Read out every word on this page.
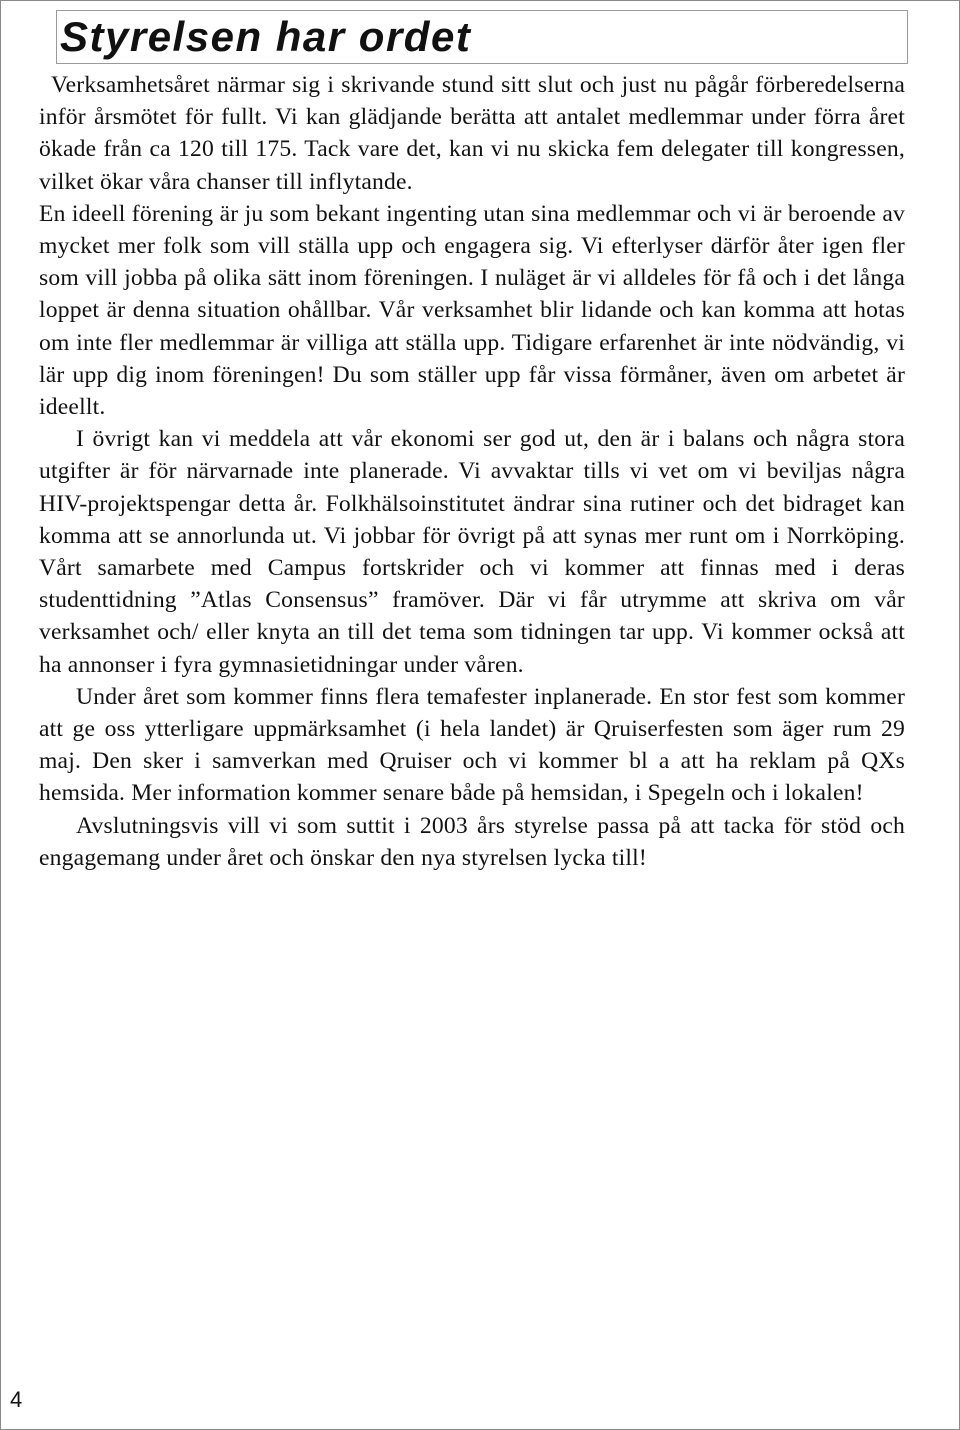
Styrelsen har ordet

Verksamhetsåret närmar sig i skrivande stund sitt slut och just nu pågår förberedelserna inför årsmötet för fullt. Vi kan glädjande berätta att antalet medlemmar under förra året ökade från ca 120 till 175. Tack vare det, kan vi nu skicka fem delegater till kongressen, vilket ökar våra chanser till inflytande.

En ideell förening är ju som bekant ingenting utan sina medlemmar och vi är beroende av mycket mer folk som vill ställa upp och engagera sig. Vi efterlyser därför åter igen fler som vill jobba på olika sätt inom föreningen. I nuläget är vi alldeles för få och i det långa loppet är denna situation ohållbar. Vår verksamhet blir lidande och kan komma att hotas om inte fler medlemmar är villiga att ställa upp. Tidigare erfarenhet är inte nödvändig, vi lär upp dig inom föreningen! Du som ställer upp får vissa förmåner, även om arbetet är ideellt.

I övrigt kan vi meddela att vår ekonomi ser god ut, den är i balans och några stora utgifter är för närvarnade inte planerade. Vi avvaktar tills vi vet om vi beviljas några HIV-projektspengar detta år. Folkhälsoinstitutet ändrar sina rutiner och det bidraget kan komma att se annorlunda ut. Vi jobbar för övrigt på att synas mer runt om i Norrköping. Vårt samarbete med Campus fortskrider och vi kommer att finnas med i deras studenttidning ”Atlas Consensus” framöver. Där vi får utrymme att skriva om vår verksamhet och/ eller knyta an till det tema som tidningen tar upp. Vi kommer också att ha annonser i fyra gymnasietidningar under våren.

Under året som kommer finns flera temafester inplanerade. En stor fest som kommer att ge oss ytterligare uppmärksamhet (i hela landet) är Qruiserfesten som äger rum 29 maj. Den sker i samverkan med Qruiser och vi kommer bl a att ha reklam på QXs hemsida. Mer information kommer senare både på hemsidan, i Spegeln och i lokalen!

Avslutningsvis vill vi som suttit i 2003 års styrelse passa på att tacka för stöd och engagemang under året och önskar den nya styrelsen lycka till!

4
